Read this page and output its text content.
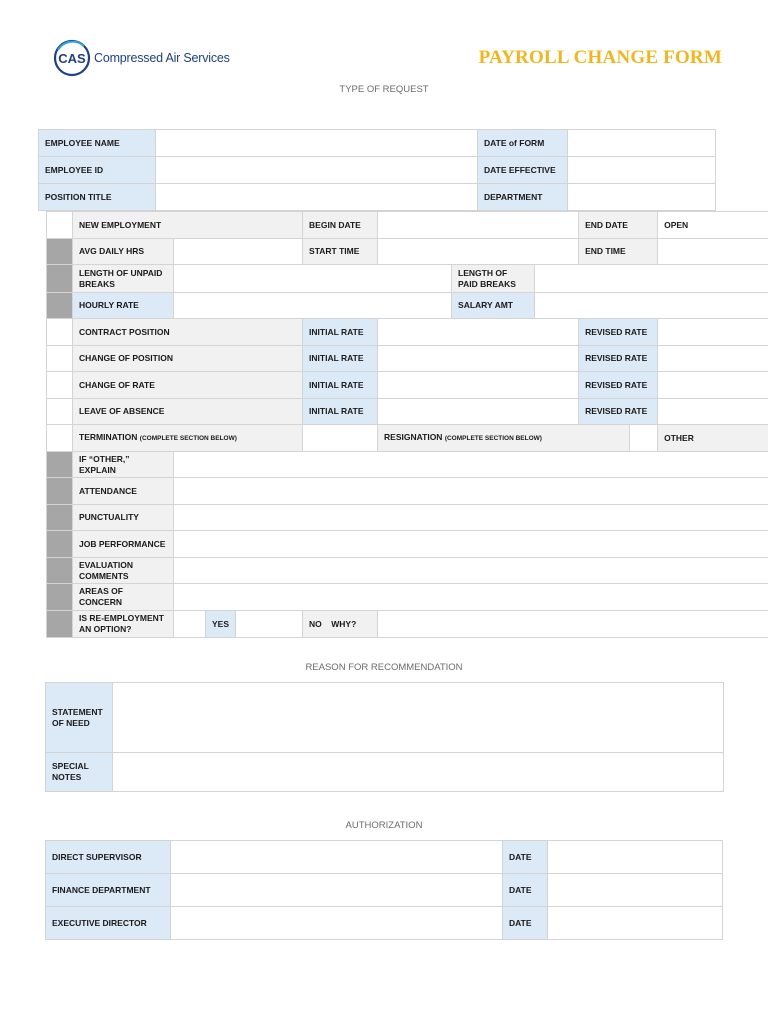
CAS Compressed Air Services	PAYROLL CHANGE FORM
TYPE OF REQUEST
EMPLOYEE NAME		DATE of FORM	
EMPLOYEE ID		DATE EFFECTIVE	
POSITION TITLE		DEPARTMENT	
	NEW EMPLOYMENT				BEGIN DATE				END DATE		OPEN
	AVG DAILY HRS				START TIME				END TIME		
	LENGTH OF UNPAID BREAKS						LENGTH OF PAID BREAKS				
	HOURLY RATE						SALARY AMT				
	CONTRACT POSITION				INITIAL RATE				REVISED RATE		
	CHANGE OF POSITION				INITIAL RATE				REVISED RATE		
	CHANGE OF RATE				INITIAL RATE				REVISED RATE		
	LEAVE OF ABSENCE				INITIAL RATE				REVISED RATE		
	TERMINATION (COMPLETE SECTION BELOW)					RESIGNATION (COMPLETE SECTION BELOW)					OTHER
	IF “OTHER,” EXPLAIN										
	ATTENDANCE										
	PUNCTUALITY										
	JOB PERFORMANCE										
	EVALUATION COMMENTS										
	AREAS OF CONCERN										
	IS RE-EMPLOYMENT AN OPTION?		YES		NO WHY?						
REASON FOR RECOMMENDATION
STATEMENT OF NEED	
SPECIAL NOTES	
AUTHORIZATION
DIRECT SUPERVISOR		DATE	
FINANCE DEPARTMENT		DATE	
EXECUTIVE DIRECTOR		DATE	
